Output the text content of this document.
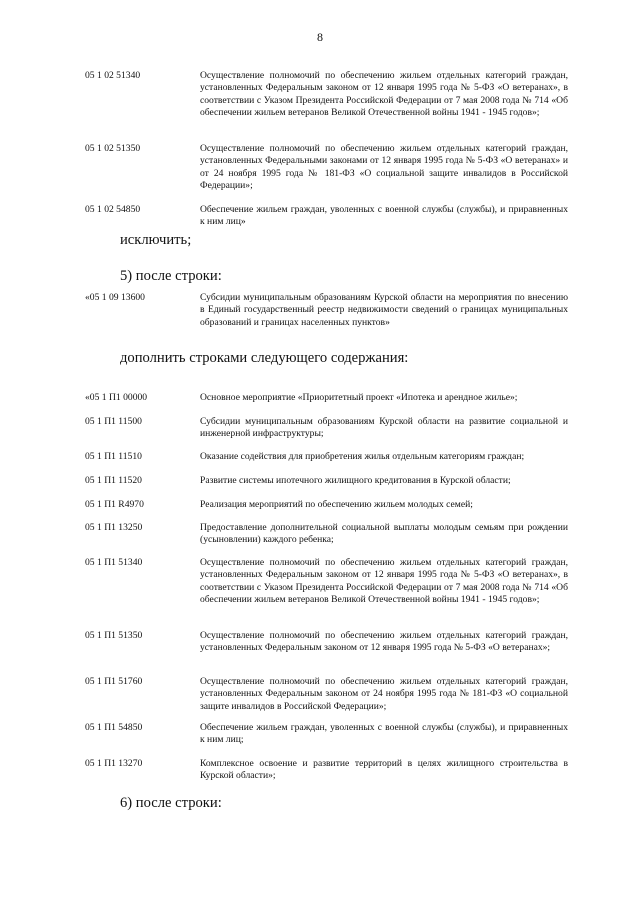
8
05 1 02 51340	Осуществление полномочий по обеспечению жильем отдельных категорий граждан, установленных Федеральным законом от 12 января 1995 года № 5-ФЗ «О ветеранах», в соответствии с Указом Президента Российской Федерации от 7 мая 2008 года № 714 «Об обеспечении жильем ветеранов Великой Отечественной войны 1941 - 1945 годов»;
05 1 02 51350	Осуществление полномочий по обеспечению жильем отдельных категорий граждан, установленных Федеральными законами от 12 января 1995 года № 5-ФЗ «О ветеранах» и от 24 ноября 1995 года № 181-ФЗ «О социальной защите инвалидов в Российской Федерации»;
05 1 02 54850	Обеспечение жильем граждан, уволенных с военной службы (службы), и приравненных к ним лиц»
исключить;
5) после строки:
«05 1 09 13600	Субсидии муниципальным образованиям Курской области на мероприятия по внесению в Единый государственный реестр недвижимости сведений о границах муниципальных образований и границах населенных пунктов»
дополнить строками следующего содержания:
«05 1 П1 00000	Основное мероприятие «Приоритетный проект «Ипотека и арендное жилье»;
05 1 П1 11500	Субсидии муниципальным образованиям Курской области на развитие социальной и инженерной инфраструктуры;
05 1 П1 11510	Оказание содействия для приобретения жилья отдельным категориям граждан;
05 1 П1 11520	Развитие системы ипотечного жилищного кредитования в Курской области;
05 1 П1 R4970	Реализация мероприятий по обеспечению жильем молодых семей;
05 1 П1 13250	Предоставление дополнительной социальной выплаты молодым семьям при рождении (усыновлении) каждого ребенка;
05 1 П1 51340	Осуществление полномочий по обеспечению жильем отдельных категорий граждан, установленных Федеральным законом от 12 января 1995 года № 5-ФЗ «О ветеранах», в соответствии с Указом Президента Российской Федерации от 7 мая 2008 года № 714 «Об обеспечении жильем ветеранов Великой Отечественной войны 1941 - 1945 годов»;
05 1 П1 51350	Осуществление полномочий по обеспечению жильем отдельных категорий граждан, установленных Федеральным законом от 12 января 1995 года № 5-ФЗ «О ветеранах»;
05 1 П1 51760	Осуществление полномочий по обеспечению жильем отдельных категорий граждан, установленных Федеральным законом от 24 ноября 1995 года № 181-ФЗ «О социальной защите инвалидов в Российской Федерации»;
05 1 П1 54850	Обеспечение жильем граждан, уволенных с военной службы (службы), и приравненных к ним лиц;
05 1 П1 13270	Комплексное освоение и развитие территорий в целях жилищного строительства в Курской области»;
6) после строки:
